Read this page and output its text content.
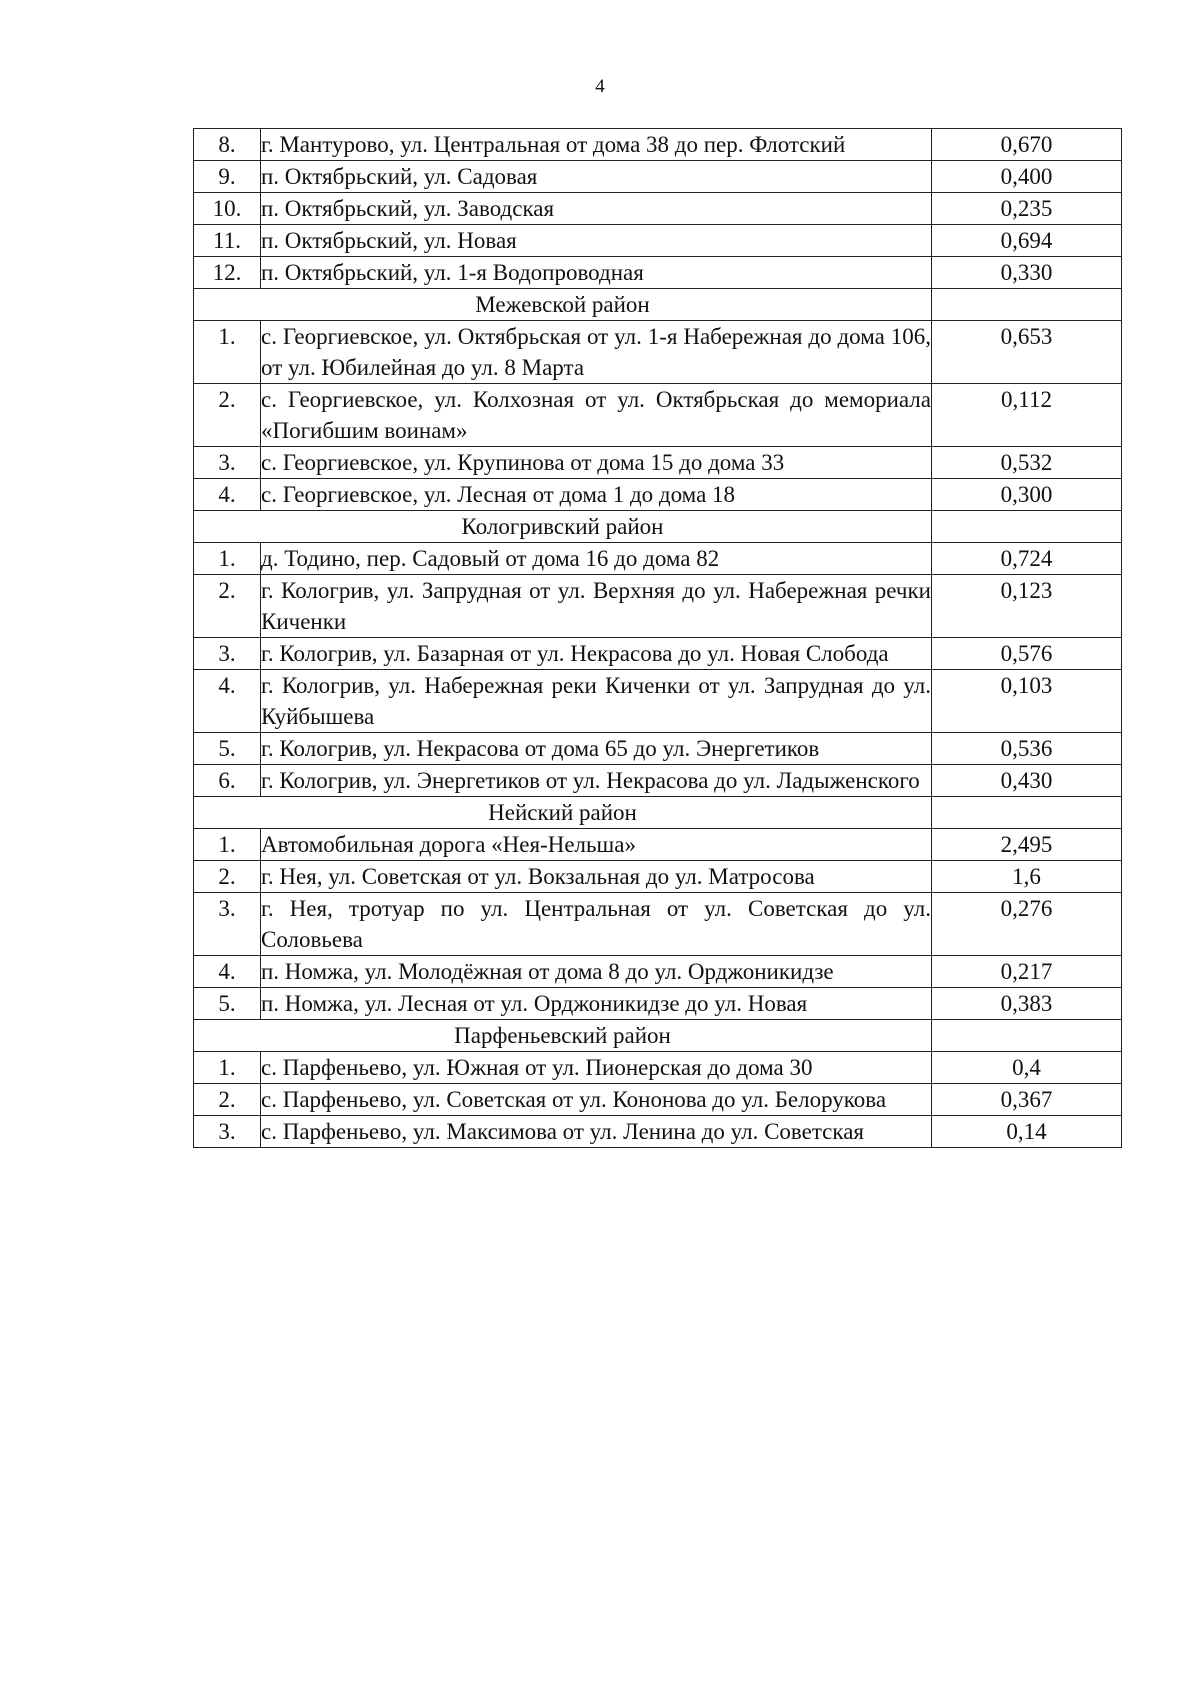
4
8.	г. Мантурово, ул. Центральная от дома 38 до пер. Флотский	0,670
9.	п. Октябрьский, ул. Садовая	0,400
10.	п. Октябрьский, ул. Заводская	0,235
11.	п. Октябрьский, ул. Новая	0,694
12.	п. Октябрьский, ул. 1-я Водопроводная	0,330
Межевской район		
1.	с. Георгиевское, ул. Октябрьская от ул. 1-я Набережная до дома 106, от ул. Юбилейная до ул. 8 Марта	0,653
2.	с. Георгиевское, ул. Колхозная от ул. Октябрьская до мемориала «Погибшим воинам»	0,112
3.	с. Георгиевское, ул. Крупинова от дома 15 до дома 33	0,532
4.	с. Георгиевское, ул. Лесная от дома 1 до дома 18	0,300
Кологривский район		
1.	д. Тодино, пер. Садовый от дома 16 до дома 82	0,724
2.	г. Кологрив, ул. Запрудная от ул. Верхняя до ул. Набережная речки Киченки	0,123
3.	г. Кологрив, ул. Базарная от ул. Некрасова до ул. Новая Слобода	0,576
4.	г. Кологрив, ул. Набережная реки Киченки от ул. Запрудная до ул. Куйбышева	0,103
5.	г. Кологрив, ул. Некрасова от дома 65 до ул. Энергетиков	0,536
6.	г. Кологрив, ул. Энергетиков от ул. Некрасова до ул. Ладыженского	0,430
Нейский район		
1.	Автомобильная дорога «Нея-Нельша»	2,495
2.	г. Нея, ул. Советская от ул. Вокзальная до ул. Матросова	1,6
3.	г. Нея, тротуар по ул. Центральная от ул. Советская до ул. Соловьева	0,276
4.	п. Номжа, ул. Молодёжная от дома 8 до ул. Орджоникидзе	0,217
5.	п. Номжа, ул. Лесная от ул. Орджоникидзе до ул. Новая	0,383
Парфеньевский район		
1.	с. Парфеньево, ул. Южная от ул. Пионерская до дома 30	0,4
2.	с. Парфеньево, ул. Советская от ул. Кононова до ул. Белорукова	0,367
3.	с. Парфеньево, ул. Максимова от ул. Ленина до ул. Советская	0,14
